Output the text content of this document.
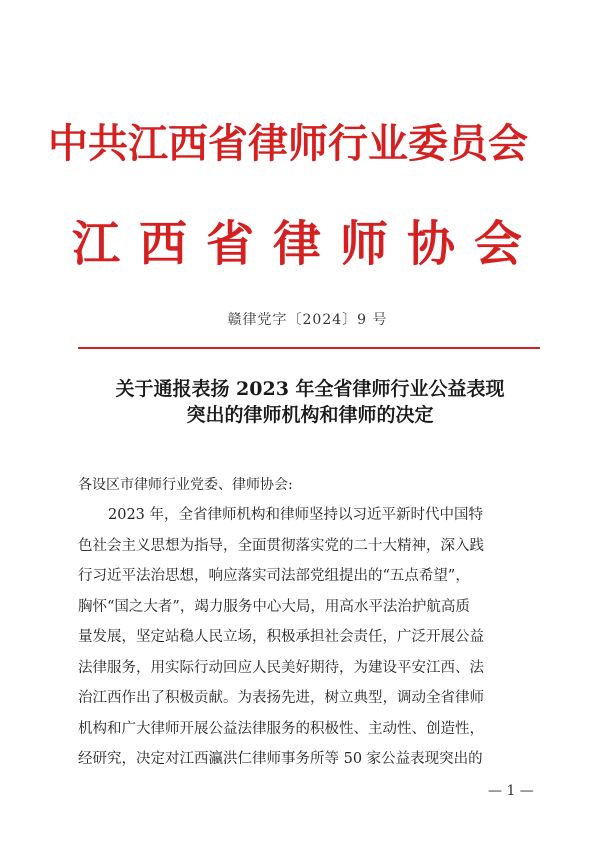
中共江西省律师行业委员会
江西省律师协会
赣律党字〔2024〕9 号
关于通报表扬 2023 年全省律师行业公益表现
突出的律师机构和律师的决定
各设区市律师行业党委、律师协会:
2023 年，全省律师机构和律师坚持以习近平新时代中国特
色社会主义思想为指导，全面贯彻落实党的二十大精神，深入践
行习近平法治思想，响应落实司法部党组提出的“五点希望”，
胸怀“国之大者”，竭力服务中心大局，用高水平法治护航高质
量发展，坚定站稳人民立场，积极承担社会责任，广泛开展公益
法律服务，用实际行动回应人民美好期待，为建设平安江西、法
治江西作出了积极贡献。为表扬先进，树立典型，调动全省律师
机构和广大律师开展公益法律服务的积极性、主动性、创造性，
经研究，决定对江西瀛洪仁律师事务所等 50 家公益表现突出的
— 1 —
